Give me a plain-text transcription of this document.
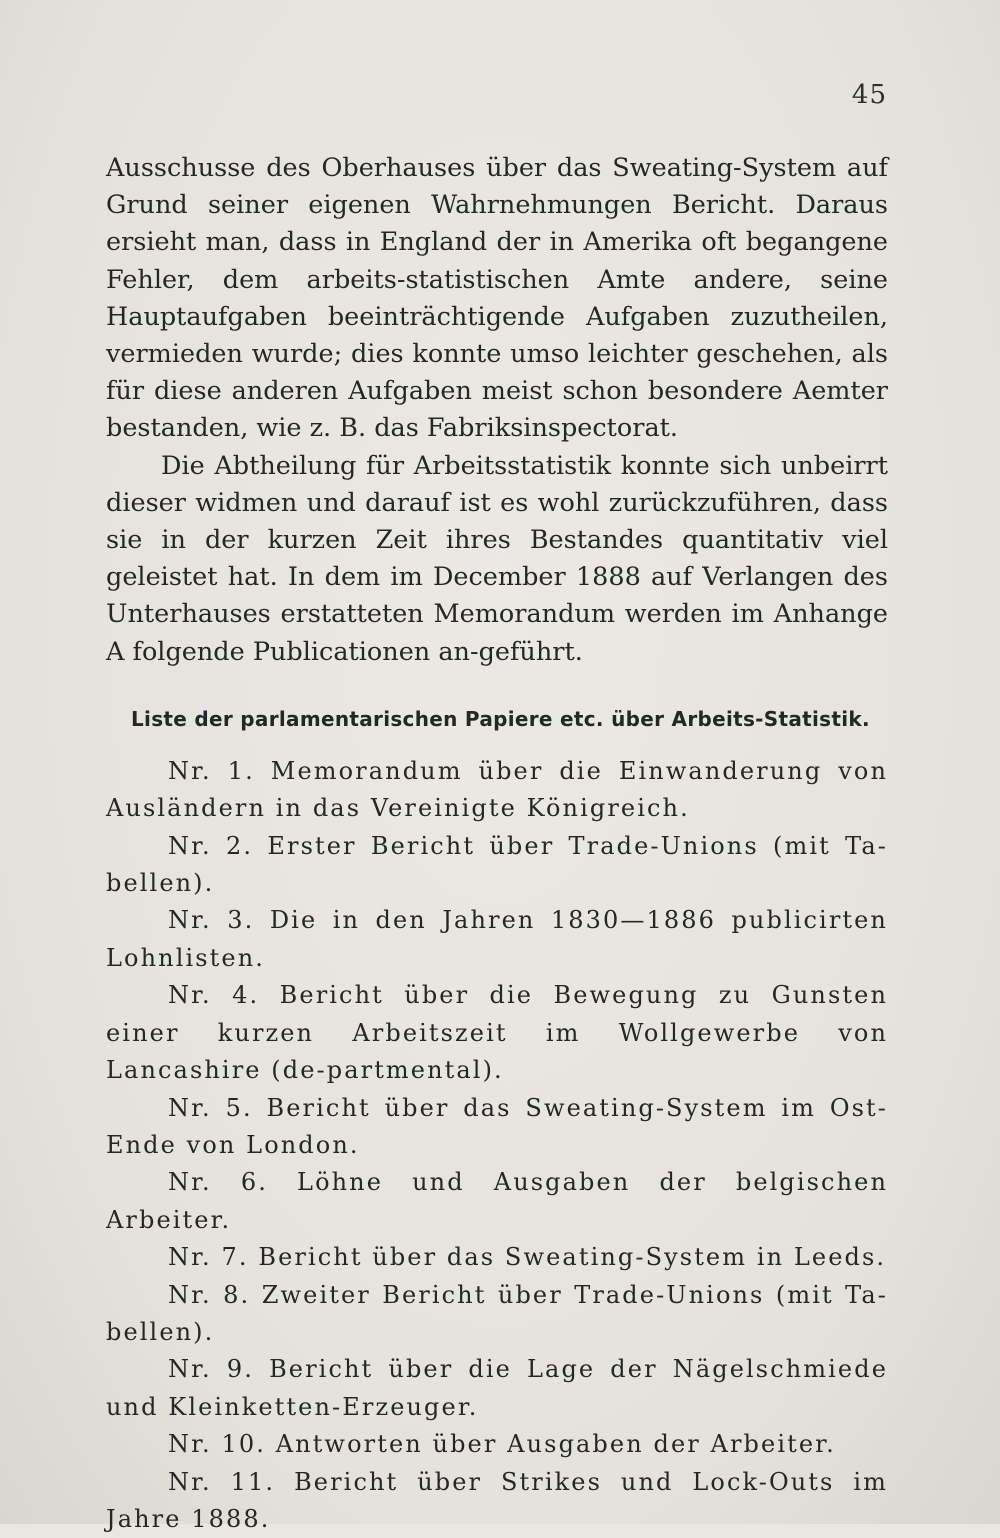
45

Ausschusse des Oberhauses über das Sweating-System auf Grund seiner eigenen Wahrnehmungen Bericht. Daraus ersieht man, dass in England der in Amerika oft begangene Fehler, dem arbeits-statistischen Amte andere, seine Hauptaufgaben beeinträchtigende Aufgaben zuzutheilen, vermieden wurde; dies konnte umso leichter geschehen, als für diese anderen Aufgaben meist schon besondere Aemter bestanden, wie z. B. das Fabriksinspectorat.

Die Abtheilung für Arbeitsstatistik konnte sich unbeirrt dieser widmen und darauf ist es wohl zurückzuführen, dass sie in der kurzen Zeit ihres Bestandes quantitativ viel geleistet hat. In dem im December 1888 auf Verlangen des Unterhauses erstatteten Memorandum werden im Anhange A folgende Publicationen an-geführt.

Liste der parlamentarischen Papiere etc. über Arbeits-Statistik.
Nr. 1. Memorandum über die Einwanderung von Ausländern in das Vereinigte Königreich.
Nr. 2. Erster Bericht über Trade-Unions (mit Ta-bellen).
Nr. 3. Die in den Jahren 1830—1886 publicirten Lohnlisten.
Nr. 4. Bericht über die Bewegung zu Gunsten einer kurzen Arbeitszeit im Wollgewerbe von Lancashire (de-partmental).
Nr. 5. Bericht über das Sweating-System im Ost-Ende von London.
Nr. 6. Löhne und Ausgaben der belgischen Arbeiter.
Nr. 7. Bericht über das Sweating-System in Leeds.
Nr. 8. Zweiter Bericht über Trade-Unions (mit Ta-bellen).
Nr. 9. Bericht über die Lage der Nägelschmiede und Kleinketten-Erzeuger.
Nr. 10. Antworten über Ausgaben der Arbeiter.
Nr. 11. Bericht über Strikes und Lock-Outs im Jahre 1888.
